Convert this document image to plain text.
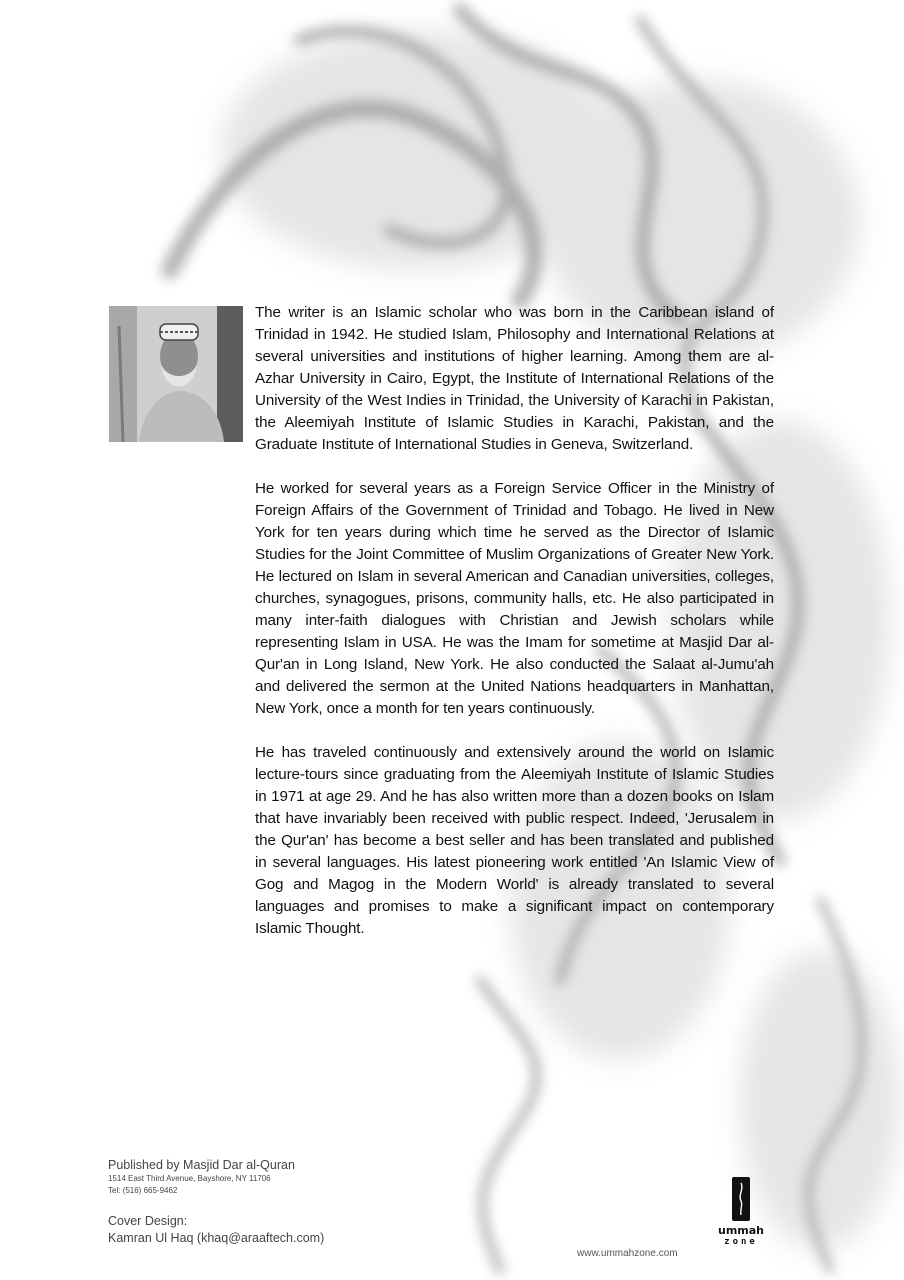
The writer is an Islamic scholar who was born in the Caribbean island of Trinidad in 1942. He studied Islam, Philosophy and International Relations at several universities and institutions of higher learning. Among them are al-Azhar University in Cairo, Egypt, the Institute of International Relations of the University of the West Indies in Trinidad, the University of Karachi in Pakistan, the Aleemiyah Institute of Islamic Studies in Karachi, Pakistan, and the Graduate Institute of International Studies in Geneva, Switzerland.

He worked for several years as a Foreign Service Officer in the Ministry of Foreign Affairs of the Government of Trinidad and Tobago. He lived in New York for ten years during which time he served as the Director of Islamic Studies for the Joint Committee of Muslim Organizations of Greater New York. He lectured on Islam in several American and Canadian universities, colleges, churches, synagogues, prisons, community halls, etc. He also participated in many inter-faith dialogues with Christian and Jewish scholars while representing Islam in USA. He was the Imam for sometime at Masjid Dar al-Qur'an in Long Island, New York. He also conducted the Salaat al-Jumu'ah and delivered the sermon at the United Nations headquarters in Manhattan, New York, once a month for ten years continuously.

He has traveled continuously and extensively around the world on Islamic lecture-tours since graduating from the Aleemiyah Institute of Islamic Studies in 1971 at age 29. And he has also written more than a dozen books on Islam that have invariably been received with public respect. Indeed, 'Jerusalem in the Qur'an' has become a best seller and has been translated and published in several languages. His latest pioneering work entitled 'An Islamic View of Gog and Magog in the Modern World' is already translated to several languages and promises to make a significant impact on contemporary Islamic Thought.

Published by Masjid Dar al-Quran
1514 East Third Avenue, Bayshore, NY 11706
Tel: (516) 665-9462
Cover Design:
Kamran Ul Haq (khaq@araaftech.com)
www.ummahzone.com
ummah
zone
